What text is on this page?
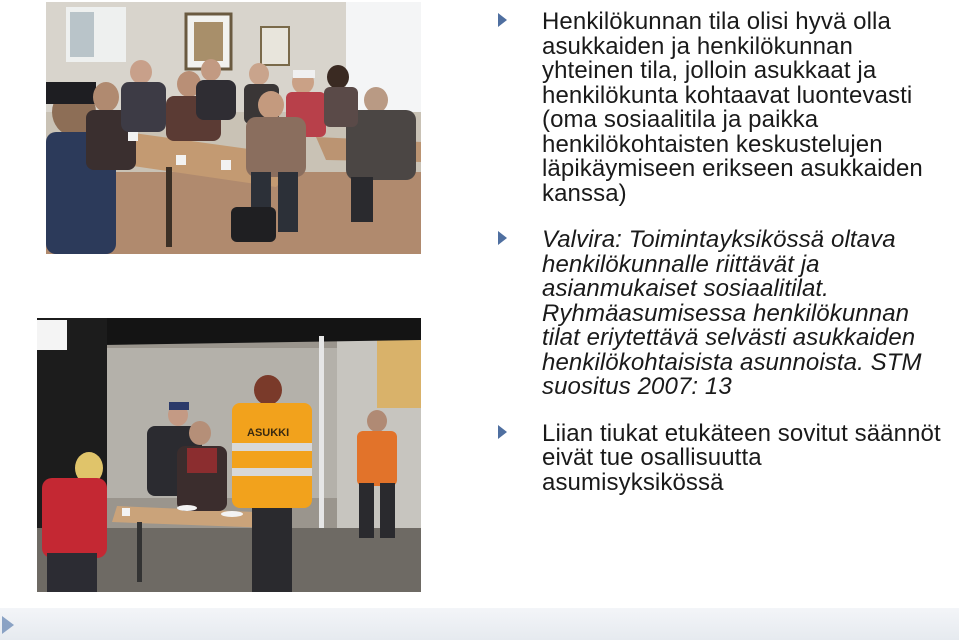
ASUKKI
Henkilökunnan tila olisi hyvä olla asukkaiden ja henkilökunnan yhteinen tila, jolloin asukkaat ja henkilökunta kohtaavat luontevasti (oma sosiaalitila ja paikka henkilökohtaisten keskustelujen läpikäymiseen erikseen asukkaiden kanssa)
Valvira: Toimintayksikössä oltava henkilökunnalle riittävät ja asianmukaiset sosiaalitilat. Ryhmäasumisessa henkilökunnan tilat eriytettävä selvästi asukkaiden henkilökohtaisista asunnoista. STM suositus 2007: 13
Liian tiukat etukäteen sovitut säännöt eivät tue osallisuutta asumisyksikössä
